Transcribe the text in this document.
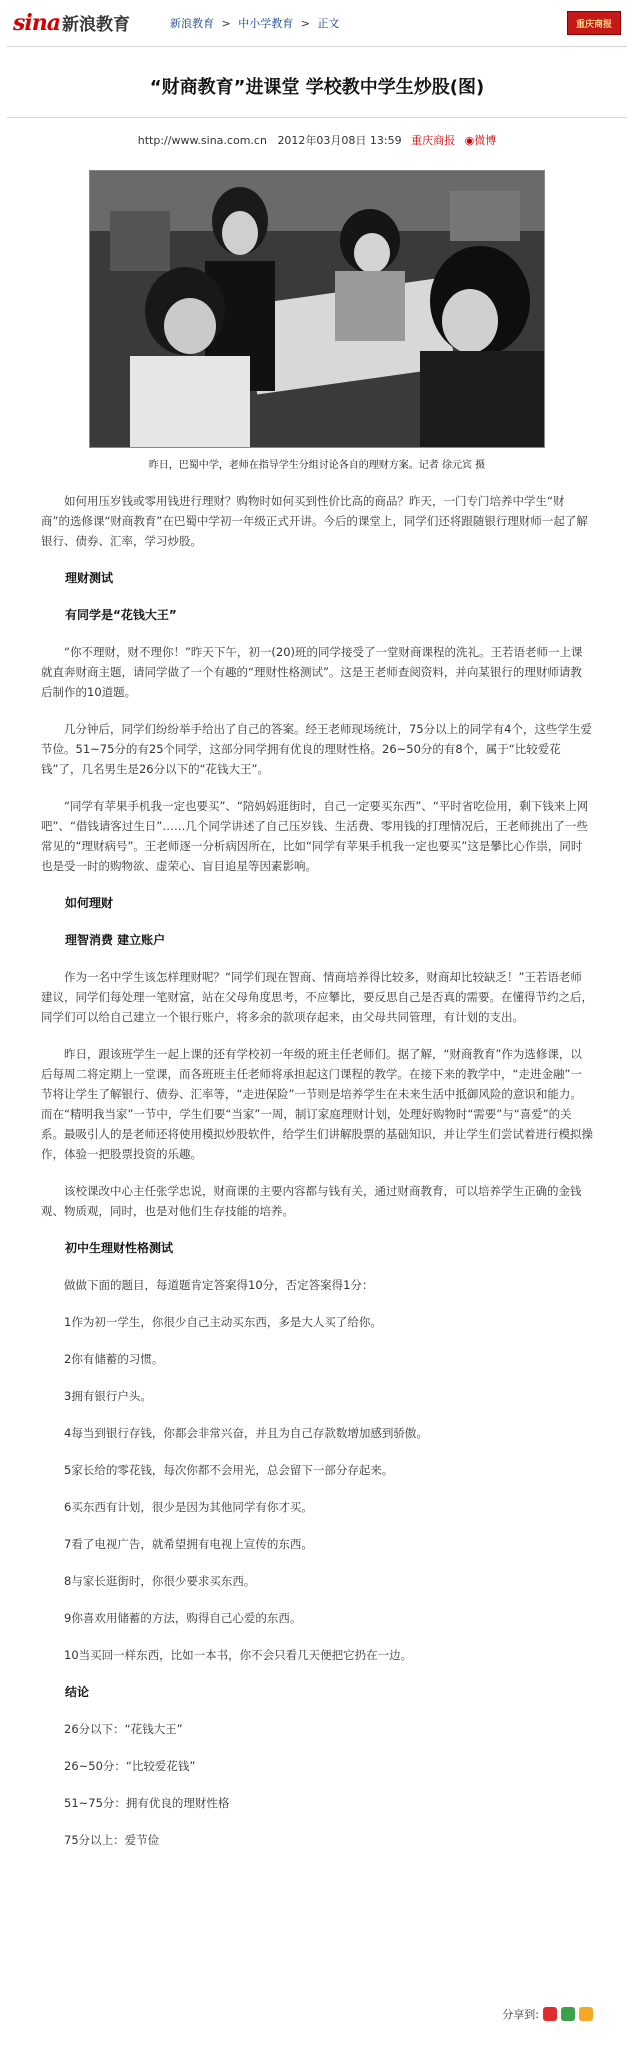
sina 新浪教育	新浪教育 > 中小学教育 > 正文	重庆商报
“财商教育”进课堂 学校教中学生炒股(图)
http://www.sina.com.cn 2012年03月08日 13:59 重庆商报 ◉微博
昨日，巴蜀中学，老师在指导学生分组讨论各自的理财方案。记者 徐元宾 摄

如何用压岁钱或零用钱进行理财？购物时如何买到性价比高的商品？昨天，一门专门培养中学生“财商”的选修课“财商教育”在巴蜀中学初一年级正式开讲。今后的课堂上，同学们还将跟随银行理财师一起了解银行、债券、汇率，学习炒股。

理财测试
有同学是“花钱大王”

“你不理财，财不理你！”昨天下午，初一(20)班的同学接受了一堂财商课程的洗礼。王若语老师一上课就直奔财商主题，请同学做了一个有趣的“理财性格测试”。这是王老师查阅资料，并向某银行的理财师请教后制作的10道题。

几分钟后，同学们纷纷举手给出了自己的答案。经王老师现场统计，75分以上的同学有4个，这些学生爱节俭。51~75分的有25个同学，这部分同学拥有优良的理财性格。26~50分的有8个，属于“比较爱花钱”了，几名男生是26分以下的“花钱大王”。

“同学有苹果手机我一定也要买”、“陪妈妈逛街时，自己一定要买东西”、“平时省吃俭用，剩下钱来上网吧”、“借钱请客过生日”……几个同学讲述了自己压岁钱、生活费、零用钱的打理情况后，王老师挑出了一些常见的“理财病号”。王老师逐一分析病因所在，比如“同学有苹果手机我一定也要买”这是攀比心作祟，同时也是受一时的购物欲、虚荣心、盲目追星等因素影响。

如何理财
理智消费 建立账户

作为一名中学生该怎样理财呢？“同学们现在智商、情商培养得比较多，财商却比较缺乏！”王若语老师建议，同学们每处理一笔财富，站在父母角度思考，不应攀比，要反思自己是否真的需要。在懂得节约之后，同学们可以给自己建立一个银行账户，将多余的款项存起来，由父母共同管理，有计划的支出。

昨日，跟该班学生一起上课的还有学校初一年级的班主任老师们。据了解，“财商教育”作为选修课，以后每周二将定期上一堂课，而各班班主任老师将承担起这门课程的教学。在接下来的教学中，“走进金融”一节将让学生了解银行、债券、汇率等，“走进保险”一节则是培养学生在未来生活中抵御风险的意识和能力。而在“精明我当家”一节中，学生们要“当家”一周，制订家庭理财计划，处理好购物时“需要”与“喜爱”的关系。最吸引人的是老师还将使用模拟炒股软件，给学生们讲解股票的基础知识，并让学生们尝试着进行模拟操作，体验一把股票投资的乐趣。

该校课改中心主任张学忠说，财商课的主要内容都与钱有关，通过财商教育，可以培养学生正确的金钱观、物质观，同时，也是对他们生存技能的培养。

初中生理财性格测试

做做下面的题目，每道题肯定答案得10分，否定答案得1分：

1作为初一学生，你很少自己主动买东西，多是大人买了给你。

2你有储蓄的习惯。

3拥有银行户头。

4每当到银行存钱，你都会非常兴奋，并且为自己存款数增加感到骄傲。

5家长给的零花钱，每次你都不会用光，总会留下一部分存起来。

6买东西有计划，很少是因为其他同学有你才买。

7看了电视广告，就希望拥有电视上宣传的东西。

8与家长逛街时，你很少要求买东西。

9你喜欢用储蓄的方法，购得自己心爱的东西。

10当买回一样东西，比如一本书，你不会只看几天便把它扔在一边。

结论

26分以下：“花钱大王”

26~50分：“比较爱花钱”

51~75分：拥有优良的理财性格

75分以上：爱节俭

分享到:
